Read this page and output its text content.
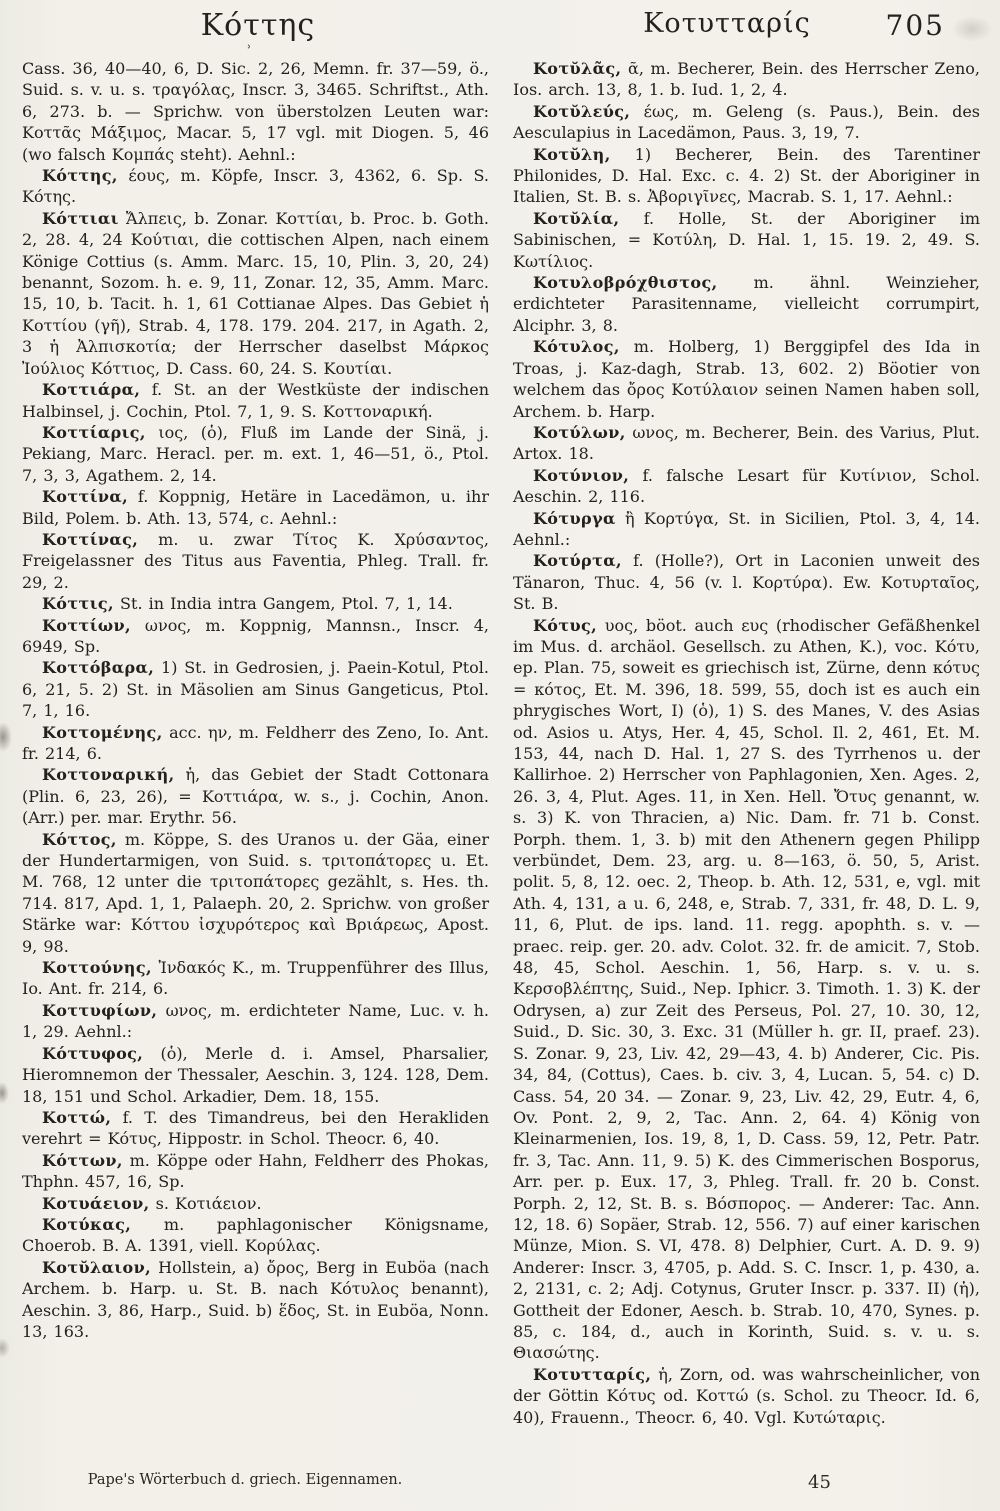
Κόττης
ʾ
Κοτυτταρίς	705

Cass. 36, 40—40, 6, D. Sic. 2, 26, Memn. fr. 37—59, ö., Suid. s. v. u. s. τραγόλας, Inscr. 3, 3465. Schriftst., Ath. 6, 273. b. — Sprichw. von überstolzen Leuten war: Κοττᾶς Μάξιμος, Macar. 5, 17 vgl. mit Diogen. 5, 46 (wo falsch Κομπάς steht). Aehnl.:

Κόττης, έους, m. Köpfe, Inscr. 3, 4362, 6. Sp. S. Κότης.

Κόττιαι Ἄλπεις, b. Zonar. Κοττίαι, b. Proc. b. Goth. 2, 28. 4, 24 Κούτιαι, die cottischen Alpen, nach einem Könige Cottius (s. Amm. Marc. 15, 10, Plin. 3, 20, 24) benannt, Sozom. h. e. 9, 11, Zonar. 12, 35, Amm. Marc. 15, 10, b. Tacit. h. 1, 61 Cottianae Alpes. Das Gebiet ἡ Κοττίου (γῆ), Strab. 4, 178. 179. 204. 217, in Agath. 2, 3 ἡ Ἀλπισκοτία; der Herrscher daselbst Μάρκος Ἰούλιος Κόττιος, D. Cass. 60, 24. S. Κουτίαι.

Κοττιάρα, f. St. an der Westküste der indischen Halbinsel, j. Cochin, Ptol. 7, 1, 9. S. Κοττοναρική.

Κοττίαρις, ιος, (ὁ), Fluß im Lande der Sinä, j. Pekiang, Marc. Heracl. per. m. ext. 1, 46—51, ö., Ptol. 7, 3, 3, Agathem. 2, 14.

Κοττίνα, f. Koppnig, Hetäre in Lacedämon, u. ihr Bild, Polem. b. Ath. 13, 574, c. Aehnl.:

Κοττίνας, m. u. zwar Τίτος Κ. Χρύσαντος, Freigelassner des Titus aus Faventia, Phleg. Trall. fr. 29, 2.

Κόττις, St. in India intra Gangem, Ptol. 7, 1, 14.

Κοττίων, ωνος, m. Koppnig, Mannsn., Inscr. 4, 6949, Sp.

Κοττόβαρα, 1) St. in Gedrosien, j. Paein-Kotul, Ptol. 6, 21, 5. 2) St. in Mäsolien am Sinus Gangeticus, Ptol. 7, 1, 16.

Κοττομένης, acc. ην, m. Feldherr des Zeno, Io. Ant. fr. 214, 6.

Κοττοναρική, ἡ, das Gebiet der Stadt Cottonara (Plin. 6, 23, 26), = Κοττιάρα, w. s., j. Cochin, Anon. (Arr.) per. mar. Erythr. 56.

Κόττος, m. Köppe, S. des Uranos u. der Gäa, einer der Hundertarmigen, von Suid. s. τριτοπάτορες u. Et. M. 768, 12 unter die τριτοπάτορες gezählt, s. Hes. th. 714. 817, Apd. 1, 1, Palaeph. 20, 2. Sprichw. von großer Stärke war: Κόττου ἰσχυρότερος καὶ Βριάρεως, Apost. 9, 98.

Κοττούνης, Ἰνδακός Κ., m. Truppenführer des Illus, Io. Ant. fr. 214, 6.

Κοττυφίων, ωνος, m. erdichteter Name, Luc. v. h. 1, 29. Aehnl.:

Κόττυφος, (ὁ), Merle d. i. Amsel, Pharsalier, Hieromnemon der Thessaler, Aeschin. 3, 124. 128, Dem. 18, 151 und Schol. Arkadier, Dem. 18, 155.

Κοττώ, f. T. des Timandreus, bei den Herakliden verehrt = Κότυς, Hippostr. in Schol. Theocr. 6, 40.

Κόττων, m. Köppe oder Hahn, Feldherr des Phokas, Thphn. 457, 16, Sp.

Κοτυάειον, s. Κοτιάειον.

Κοτύκας, m. paphlagonischer Königsname, Choerob. B. A. 1391, viell. Κορύλας.

Κοτῠλαιον, Hollstein, a) ὄρος, Berg in Euböa (nach Archem. b. Harp. u. St. B. nach Κότυλος benannt), Aeschin. 3, 86, Harp., Suid. b) ἕδος, St. in Euböa, Nonn. 13, 163.

Κοτῠλᾶς, ᾶ, m. Becherer, Bein. des Herrscher Zeno, Ios. arch. 13, 8, 1. b. Iud. 1, 2, 4.

Κοτῠλεύς, έως, m. Geleng (s. Paus.), Bein. des Aesculapius in Lacedämon, Paus. 3, 19, 7.

Κοτῠλη, 1) Becherer, Bein. des Tarentiner Philonides, D. Hal. Exc. c. 4. 2) St. der Aboriginer in Italien, St. B. s. Ἀβοριγῖνες, Macrab. S. 1, 17. Aehnl.:

Κοτῠλία, f. Holle, St. der Aboriginer im Sabinischen, = Κοτύλη, D. Hal. 1, 15. 19. 2, 49. S. Κωτίλιος.

Κοτυλοβρόχθιστος, m. ähnl. Weinzieher, erdichteter Parasitenname, vielleicht corrumpirt, Alciphr. 3, 8.

Κότυλος, m. Holberg, 1) Berggipfel des Ida in Troas, j. Kaz-dagh, Strab. 13, 602. 2) Böotier von welchem das ὄρος Κοτύλαιον seinen Namen haben soll, Archem. b. Harp.

Κοτύλων, ωνος, m. Becherer, Bein. des Varius, Plut. Artox. 18.

Κοτύνιον, f. falsche Lesart für Κυτίνιον, Schol. Aeschin. 2, 116.

Κότυργα ἢ Κορτύγα, St. in Sicilien, Ptol. 3, 4, 14. Aehnl.:

Κοτύρτα, f. (Holle?), Ort in Laconien unweit des Tänaron, Thuc. 4, 56 (v. l. Κορτύρα). Ew. Κοτυρταῖος, St. B.

Κότυς, υος, böot. auch ευς (rhodischer Gefäßhenkel im Mus. d. archäol. Gesellsch. zu Athen, Κ.), voc. Κότυ, ep. Plan. 75, soweit es griechisch ist, Zürne, denn κότυς = κότος, Et. M. 396, 18. 599, 55, doch ist es auch ein phrygisches Wort, I) (ὁ), 1) S. des Manes, V. des Asias od. Asios u. Atys, Her. 4, 45, Schol. Il. 2, 461, Et. M. 153, 44, nach D. Hal. 1, 27 S. des Tyrrhenos u. der Kallirhoe. 2) Herrscher von Paphlagonien, Xen. Ages. 2, 26. 3, 4, Plut. Ages. 11, in Xen. Hell. Ὄτυς genannt, w. s. 3) K. von Thracien, a) Nic. Dam. fr. 71 b. Const. Porph. them. 1, 3. b) mit den Athenern gegen Philipp verbündet, Dem. 23, arg. u. 8—163, ö. 50, 5, Arist. polit. 5, 8, 12. oec. 2, Theop. b. Ath. 12, 531, e, vgl. mit Ath. 4, 131, a u. 6, 248, e, Strab. 7, 331, fr. 48, D. L. 9, 11, 6, Plut. de ips. land. 11. regg. apophth. s. v. — praec. reip. ger. 20. adv. Colot. 32. fr. de amicit. 7, Stob. 48, 45, Schol. Aeschin. 1, 56, Harp. s. v. u. s. Κερσοβλέπτης, Suid., Nep. Iphicr. 3. Timoth. 1. 3) K. der Odrysen, a) zur Zeit des Perseus, Pol. 27, 10. 30, 12, Suid., D. Sic. 30, 3. Exc. 31 (Müller h. gr. II, praef. 23). S. Zonar. 9, 23, Liv. 42, 29—43, 4. b) Anderer, Cic. Pis. 34, 84, (Cottus), Caes. b. civ. 3, 4, Lucan. 5, 54. c) D. Cass. 54, 20 34. — Zonar. 9, 23, Liv. 42, 29, Eutr. 4, 6, Ov. Pont. 2, 9, 2, Tac. Ann. 2, 64. 4) König von Kleinarmenien, Ios. 19, 8, 1, D. Cass. 59, 12, Petr. Patr. fr. 3, Tac. Ann. 11, 9. 5) K. des Cimmerischen Bosporus, Arr. per. p. Eux. 17, 3, Phleg. Trall. fr. 20 b. Const. Porph. 2, 12, St. B. s. Βόσπορος. — Anderer: Tac. Ann. 12, 18. 6) Sopäer, Strab. 12, 556. 7) auf einer karischen Münze, Mion. S. VI, 478. 8) Delphier, Curt. A. D. 9. 9) Anderer: Inscr. 3, 4705, p. Add. S. C. Inscr. 1, p. 430, a. 2, 2131, c. 2; Adj. Cotynus, Gruter Inscr. p. 337. II) (ἡ), Gottheit der Edoner, Aesch. b. Strab. 10, 470, Synes. p. 85, c. 184, d., auch in Korinth, Suid. s. v. u. s. Θιασώτης.

Κοτυτταρίς, ἡ, Zorn, od. was wahrscheinlicher, von der Göttin Κότυς od. Κοττώ (s. Schol. zu Theocr. Id. 6, 40), Frauenn., Theocr. 6, 40. Vgl. Κυτώταρις.

Pape's Wörterbuch d. griech. Eigennamen.	45
